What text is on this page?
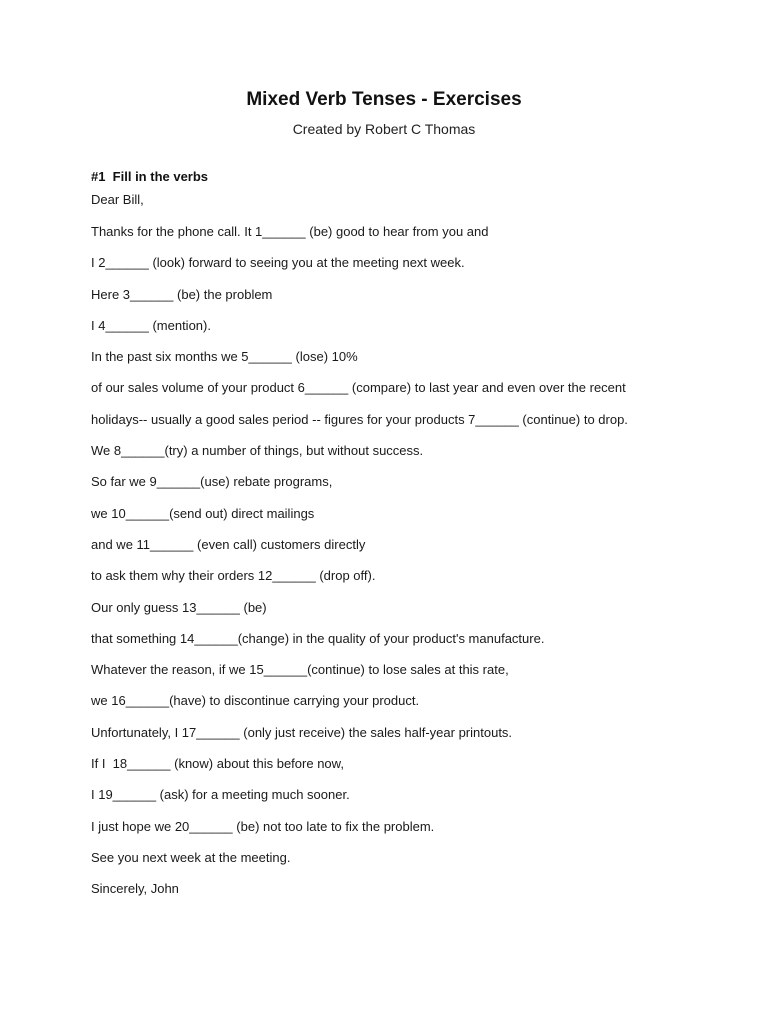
Mixed Verb Tenses - Exercises

Created by Robert C Thomas

#1  Fill in the verbs

Dear Bill,

Thanks for the phone call. It 1______ (be) good to hear from you and
I 2______ (look) forward to seeing you at the meeting next week.
Here 3______ (be) the problem
I 4______ (mention).
In the past six months we 5______ (lose) 10%
of our sales volume of your product 6______ (compare) to last year and even over the recent
holidays-- usually a good sales period -- figures for your products 7______ (continue) to drop.
We 8______(try) a number of things, but without success.
So far we 9______(use) rebate programs,
we 10______(send out) direct mailings
and we 11______ (even call) customers directly
to ask them why their orders 12______ (drop off).
Our only guess 13______ (be)
that something 14______(change) in the quality of your product's manufacture.
Whatever the reason, if we 15______(continue) to lose sales at this rate,
we 16______(have) to discontinue carrying your product.
Unfortunately, I 17______ (only just receive) the sales half-year printouts.
If I  18______ (know) about this before now,
I 19______ (ask) for a meeting much sooner.
I just hope we 20______ (be) not too late to fix the problem.
See you next week at the meeting.
Sincerely, John
